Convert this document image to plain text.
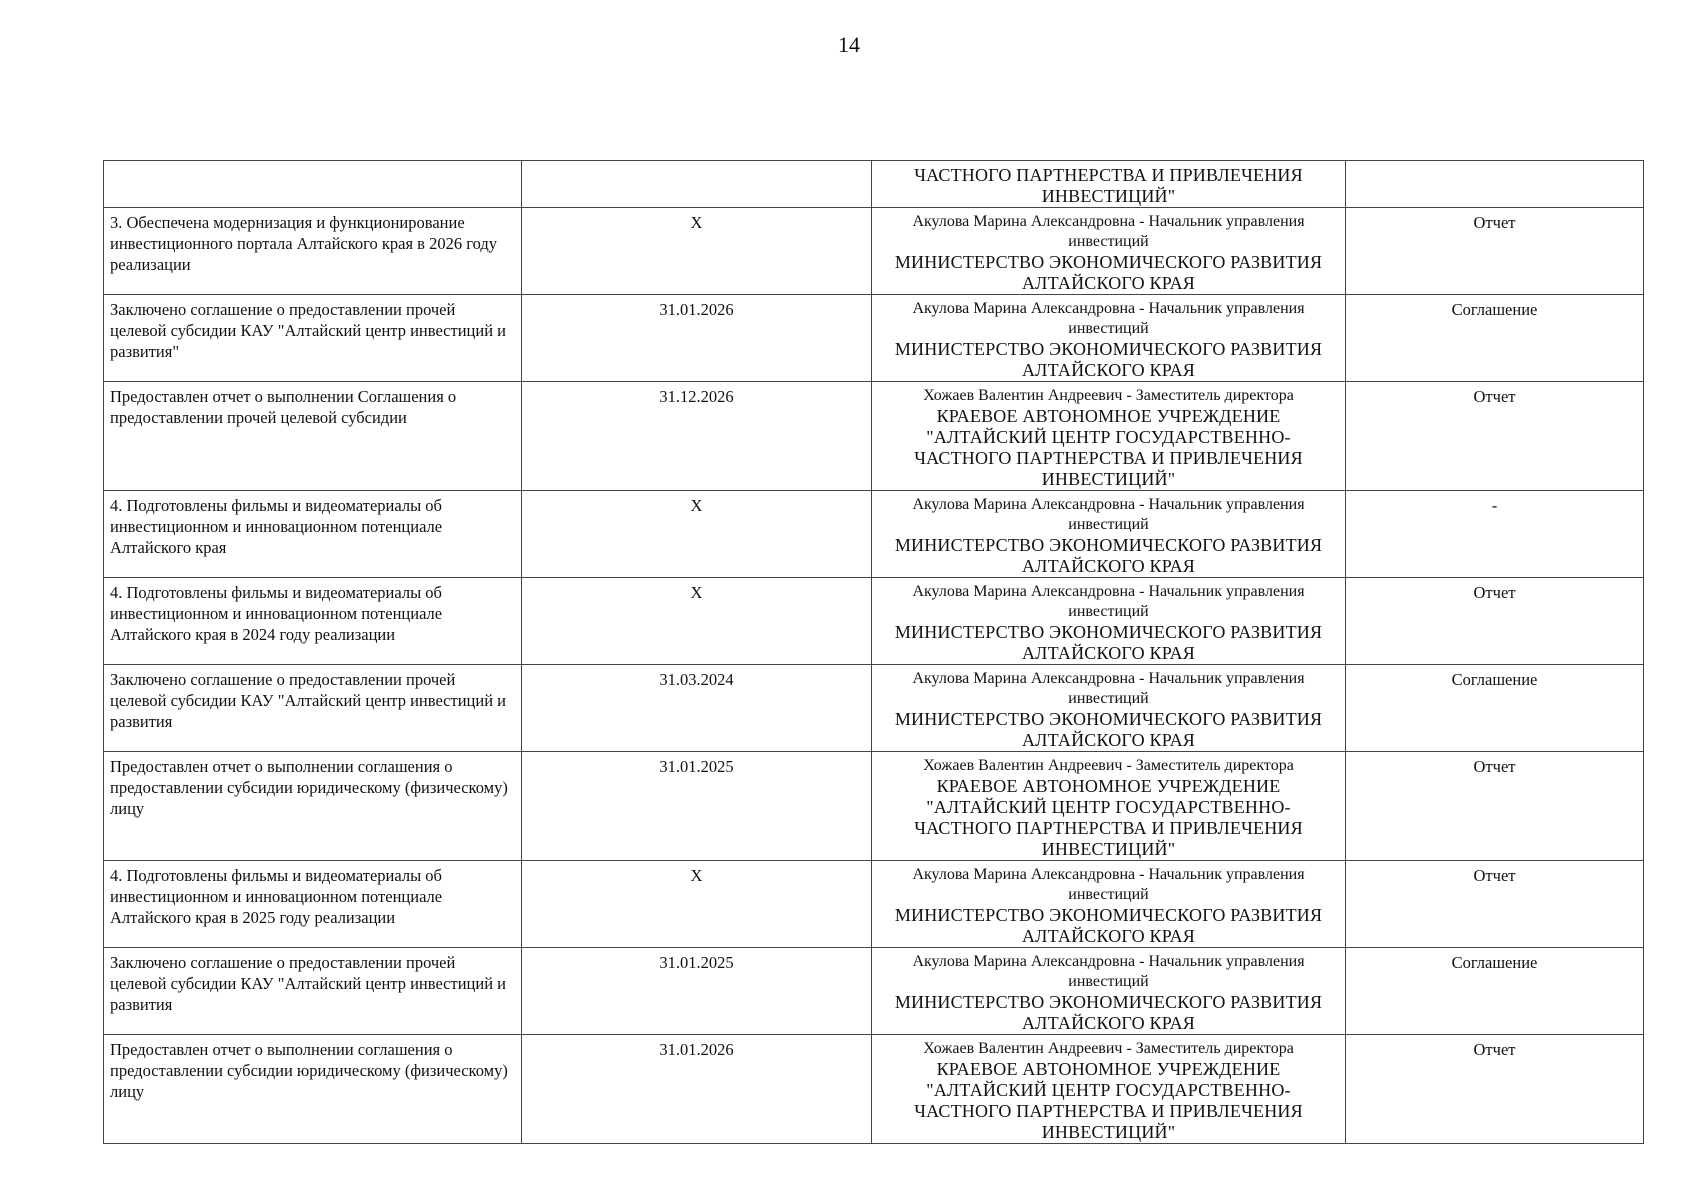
14

		ЧАСТНОГО ПАРТНЕРСТВА И ПРИВЛЕЧЕНИЯ ИНВЕСТИЦИЙ"	

3. Обеспечена модернизация и функционирование инвестиционного портала Алтайского края в 2026 году реализации	X	Акулова Марина Александровна - Начальник управления инвестиций
МИНИСТЕРСТВО ЭКОНОМИЧЕСКОГО РАЗВИТИЯ АЛТАЙСКОГО КРАЯ	Отчет
Заключено соглашение о предоставлении прочей целевой субсидии КАУ "Алтайский центр инвестиций и развития"	31.01.2026	Акулова Марина Александровна - Начальник управления инвестиций
МИНИСТЕРСТВО ЭКОНОМИЧЕСКОГО РАЗВИТИЯ АЛТАЙСКОГО КРАЯ	Соглашение
Предоставлен отчет о выполнении Соглашения о предоставлении прочей целевой субсидии	31.12.2026	Хожаев Валентин Андреевич - Заместитель директора
КРАЕВОЕ АВТОНОМНОЕ УЧРЕЖДЕНИЕ "АЛТАЙСКИЙ ЦЕНТР ГОСУДАРСТВЕННО-ЧАСТНОГО ПАРТНЕРСТВА И ПРИВЛЕЧЕНИЯ ИНВЕСТИЦИЙ"	Отчет
4. Подготовлены фильмы и видеоматериалы об инвестиционном и инновационном потенциале Алтайского края	X	Акулова Марина Александровна - Начальник управления инвестиций
МИНИСТЕРСТВО ЭКОНОМИЧЕСКОГО РАЗВИТИЯ АЛТАЙСКОГО КРАЯ	-
4. Подготовлены фильмы и видеоматериалы об инвестиционном и инновационном потенциале Алтайского края в 2024 году реализации	X	Акулова Марина Александровна - Начальник управления инвестиций
МИНИСТЕРСТВО ЭКОНОМИЧЕСКОГО РАЗВИТИЯ АЛТАЙСКОГО КРАЯ	Отчет
Заключено соглашение о предоставлении прочей целевой субсидии КАУ "Алтайский центр инвестиций и развития	31.03.2024	Акулова Марина Александровна - Начальник управления инвестиций
МИНИСТЕРСТВО ЭКОНОМИЧЕСКОГО РАЗВИТИЯ АЛТАЙСКОГО КРАЯ	Соглашение
Предоставлен отчет о выполнении соглашения о предоставлении субсидии юридическому (физическому) лицу	31.01.2025	Хожаев Валентин Андреевич - Заместитель директора
КРАЕВОЕ АВТОНОМНОЕ УЧРЕЖДЕНИЕ "АЛТАЙСКИЙ ЦЕНТР ГОСУДАРСТВЕННО-ЧАСТНОГО ПАРТНЕРСТВА И ПРИВЛЕЧЕНИЯ ИНВЕСТИЦИЙ"	Отчет
4. Подготовлены фильмы и видеоматериалы об инвестиционном и инновационном потенциале Алтайского края в 2025 году реализации	X	Акулова Марина Александровна - Начальник управления инвестиций
МИНИСТЕРСТВО ЭКОНОМИЧЕСКОГО РАЗВИТИЯ АЛТАЙСКОГО КРАЯ	Отчет
Заключено соглашение о предоставлении прочей целевой субсидии КАУ "Алтайский центр инвестиций и развития	31.01.2025	Акулова Марина Александровна - Начальник управления инвестиций
МИНИСТЕРСТВО ЭКОНОМИЧЕСКОГО РАЗВИТИЯ АЛТАЙСКОГО КРАЯ	Соглашение
Предоставлен отчет о выполнении соглашения о предоставлении субсидии юридическому (физическому) лицу	31.01.2026	Хожаев Валентин Андреевич - Заместитель директора
КРАЕВОЕ АВТОНОМНОЕ УЧРЕЖДЕНИЕ "АЛТАЙСКИЙ ЦЕНТР ГОСУДАРСТВЕННО-ЧАСТНОГО ПАРТНЕРСТВА И ПРИВЛЕЧЕНИЯ ИНВЕСТИЦИЙ"	Отчет
